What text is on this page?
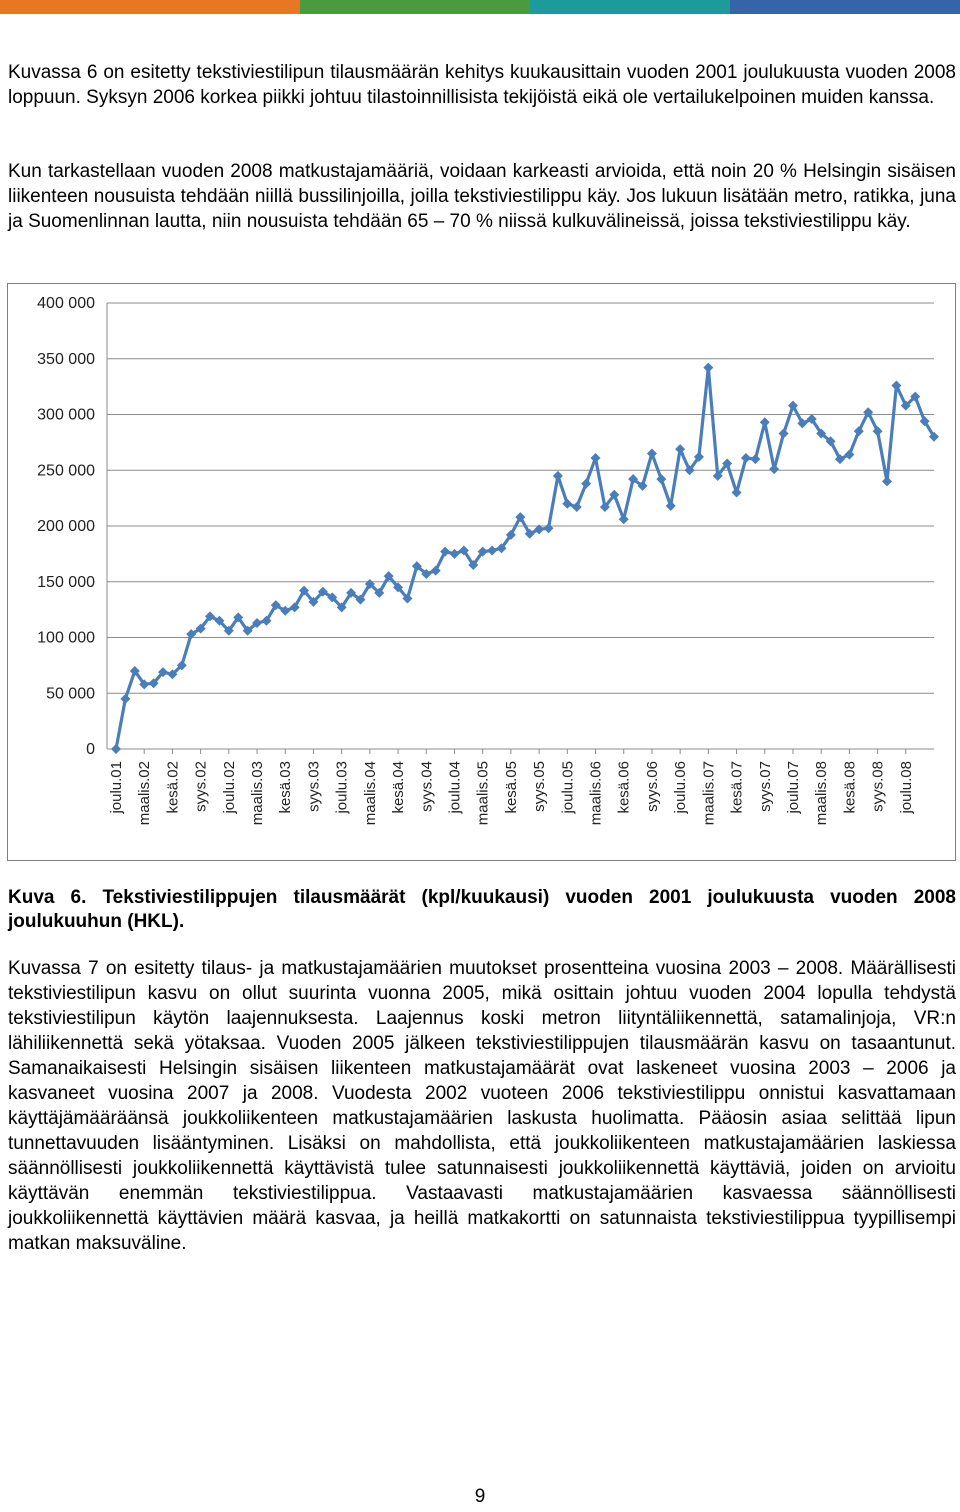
Kuvassa 6 on esitetty tekstiviestilipun tilausmäärän kehitys kuukausittain vuoden 2001 joulukuusta vuoden 2008 loppuun. Syksyn 2006 korkea piikki johtuu tilastoinnillisista tekijöistä eikä ole vertailukelpoinen muiden kanssa.

Kun tarkastellaan vuoden 2008 matkustajamääriä, voidaan karkeasti arvioida, että noin 20 % Helsingin sisäisen liikenteen nousuista tehdään niillä bussilinjoilla, joilla tekstiviestilippu käy. Jos lukuun lisätään metro, ratikka, juna ja Suomenlinnan lautta, niin nousuista tehdään 65 – 70 % niissä kulkuvälineissä, joissa tekstiviestilippu käy.

0
50 000
100 000
150 000
200 000
250 000
300 000
350 000
400 000
joulu.01 maalis.02 kesä.02 syys.02 joulu.02 maalis.03 kesä.03 syys.03 joulu.03 maalis.04 kesä.04 syys.04 joulu.04 maalis.05 kesä.05 syys.05 joulu.05 maalis.06 kesä.06 syys.06 joulu.06 maalis.07 kesä.07 syys.07 joulu.07 maalis.08 kesä.08 syys.08 joulu.08

Kuva 6. Tekstiviestilippujen tilausmäärät (kpl/kuukausi) vuoden 2001 joulukuusta vuoden 2008 joulukuuhun (HKL).

Kuvassa 7 on esitetty tilaus- ja matkustajamäärien muutokset prosentteina vuosina 2003 – 2008. Määrällisesti tekstiviestilipun kasvu on ollut suurinta vuonna 2005, mikä osittain johtuu vuoden 2004 lopulla tehdystä tekstiviestilipun käytön laajennuksesta. Laajennus koski metron liityntäliikennettä, satamalinjoja, VR:n lähiliikennettä sekä yötaksaa. Vuoden 2005 jälkeen tekstiviestilippujen tilausmäärän kasvu on tasaantunut. Samanaikaisesti Helsingin sisäisen liikenteen matkustajamäärät ovat laskeneet vuosina 2003 – 2006 ja kasvaneet vuosina 2007 ja 2008. Vuodesta 2002 vuoteen 2006 tekstiviestilippu onnistui kasvattamaan käyttäjämääräänsä joukkoliikenteen matkustajamäärien laskusta huolimatta. Pääosin asiaa selittää lipun tunnettavuuden lisääntyminen. Lisäksi on mahdollista, että joukkoliikenteen matkustajamäärien laskiessa säännöllisesti joukkoliikennettä käyttävistä tulee satunnaisesti joukkoliikennettä käyttäviä, joiden on arvioitu käyttävän enemmän tekstiviestilippua. Vastaavasti matkustajamäärien kasvaessa säännöllisesti joukkoliikennettä käyttävien määrä kasvaa, ja heillä matkakortti on satunnaista tekstiviestilippua tyypillisempi matkan maksuväline.

9
